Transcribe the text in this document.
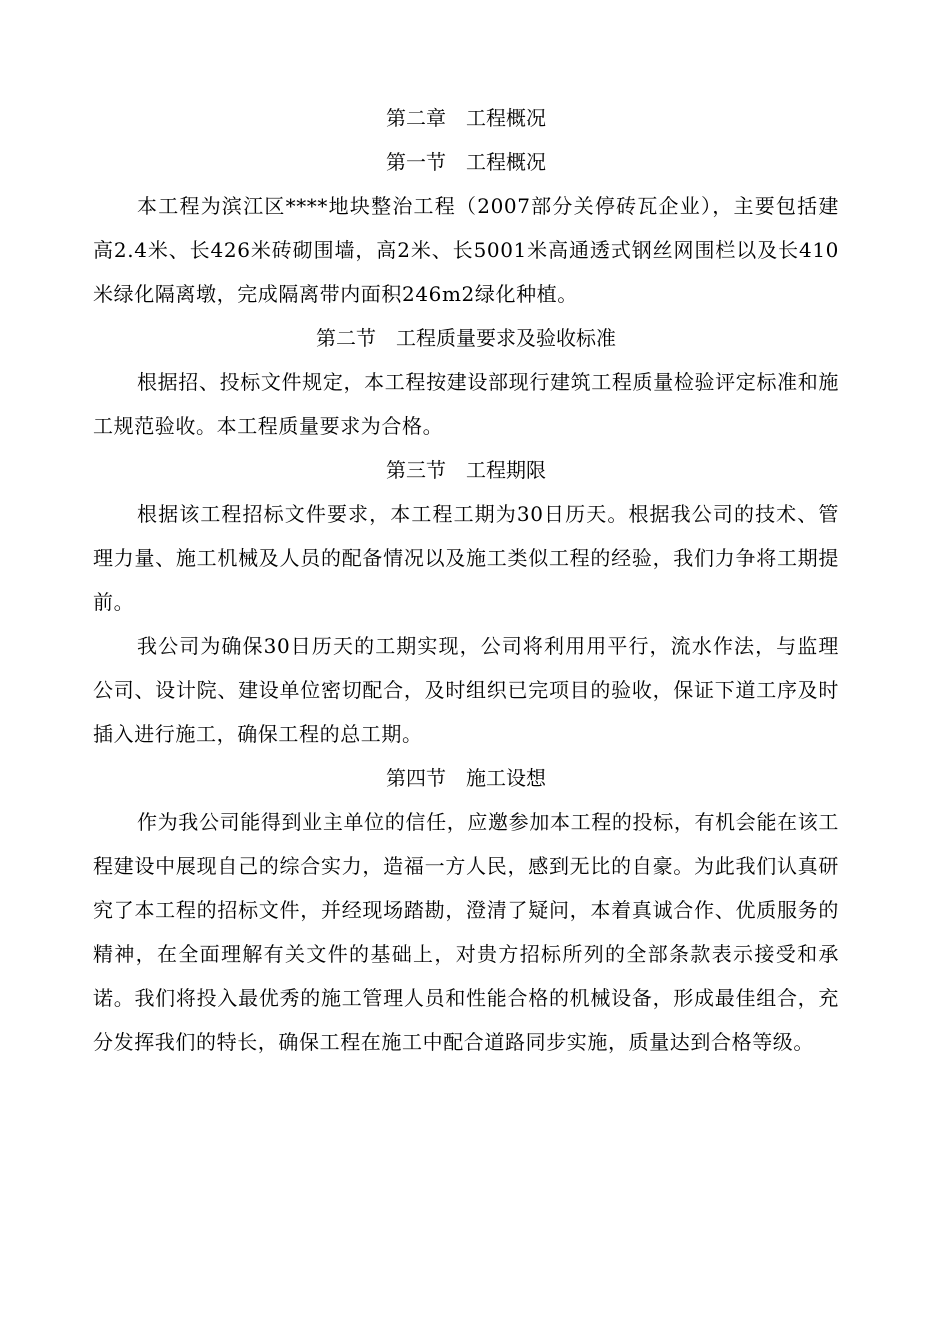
第二章　工程概况
第一节　工程概况

本工程为滨江区****地块整治工程（2007部分关停砖瓦企业），主要包括建高2.4米、长426米砖砌围墙，高2米、长5001米高通透式钢丝网围栏以及长410米绿化隔离墩，完成隔离带内面积246m2绿化种植。

第二节　工程质量要求及验收标准

根据招、投标文件规定，本工程按建设部现行建筑工程质量检验评定标准和施工规范验收。本工程质量要求为合格。

第三节　工程期限

根据该工程招标文件要求，本工程工期为30日历天。根据我公司的技术、管理力量、施工机械及人员的配备情况以及施工类似工程的经验，我们力争将工期提前。

我公司为确保30日历天的工期实现，公司将利用用平行，流水作法，与监理公司、设计院、建设单位密切配合，及时组织已完项目的验收，保证下道工序及时插入进行施工，确保工程的总工期。

第四节　施工设想

作为我公司能得到业主单位的信任，应邀参加本工程的投标，有机会能在该工程建设中展现自己的综合实力，造福一方人民，感到无比的自豪。为此我们认真研究了本工程的招标文件，并经现场踏勘，澄清了疑问，本着真诚合作、优质服务的精神，在全面理解有关文件的基础上，对贵方招标所列的全部条款表示接受和承诺。我们将投入最优秀的施工管理人员和性能合格的机械设备，形成最佳组合，充分发挥我们的特长，确保工程在施工中配合道路同步实施，质量达到合格等级。
